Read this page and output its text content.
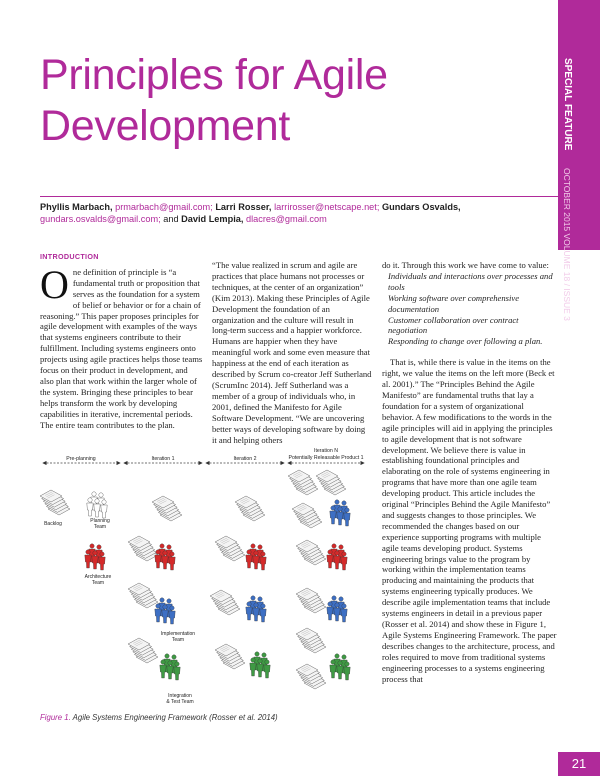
Principles for Agile
Development	SPECIAL FEATURE
OCTOBER 2015 VOLUME 18 / ISSUE 3
Phyllis Marbach, prmarbach@gmail.com; Larri Rosser, larrirosser@netscape.net; Gundars Osvalds,
gundars.osvalds@gmail.com; and David Lempia, dlacres@gmail.com

INTRODUCTION

One definition of principle is “a fundamental truth or proposition that serves as the foundation for a system of belief or behavior or for a chain of reasoning.” This paper proposes principles for agile development with examples of the ways that systems engineers contribute to their fulfillment. Including systems engineers onto projects using agile practices helps those teams focus on their product in development, and also plan that work within the larger whole of the system. Bringing these principles to bear helps transform the work by developing capabilities in iterative, incremental periods. The entire team contributes to the plan.

“The value realized in scrum and agile are practices that place humans not processes or techniques, at the center of an organization” (Kim 2013). Making these Principles of Agile Development the foundation of an organization and the culture will result in long-term success and a happier workforce. Humans are happier when they have meaningful work and some even measure that happiness at the end of each iteration as described by Scrum co-creator Jeff Sutherland (ScrumInc 2014). Jeff Sutherland was a member of a group of individuals who, in 2001, defined the Manifesto for Agile Software Development. “We are uncovering better ways of developing software by doing it and helping others

do it. Through this work we have come to value:

Individuals and interactions over processes and tools

Working software over comprehensive documentation

Customer collaboration over contract negotiation

Responding to change over following a plan.

That is, while there is value in the items on the right, we value the items on the left more (Beck et al. 2001).” The “Principles Behind the Agile Manifesto” are fundamental truths that lay a foundation for a system of organizational behavior. A few modifications to the words in the agile principles will aid in applying the principles to agile development that is not software development. We believe there is value in establishing foundational principles and elaborating on the role of systems engineering in programs that have more than one agile team developing product. This article includes the original “Principles Behind the Agile Manifesto” and suggests changes to those principles. We recommended the changes based on our experience supporting programs with multiple agile teams developing product. Systems engineering brings value to the program by working within the implementation teams producing and maintaining the products that systems engineering typically produces. We describe agile implementation teams that include systems engineers in detail in a previous paper (Rosser et al. 2014) and show these in Figure 1, Agile Systems Engineering Framework. The paper describes changes to the architecture, process, and roles required to move from traditional systems engineering processes to a systems engineering process that

Pre-planning	Iteration 1	Iteration 2
Iteration N
Potentially Releasable Product 1
Backlog	Planning
Team
Architecture
Team
Implementation
Team
Integration
& Test Team
Figure 1. Agile Systems Engineering Framework (Rosser et al. 2014)
21
